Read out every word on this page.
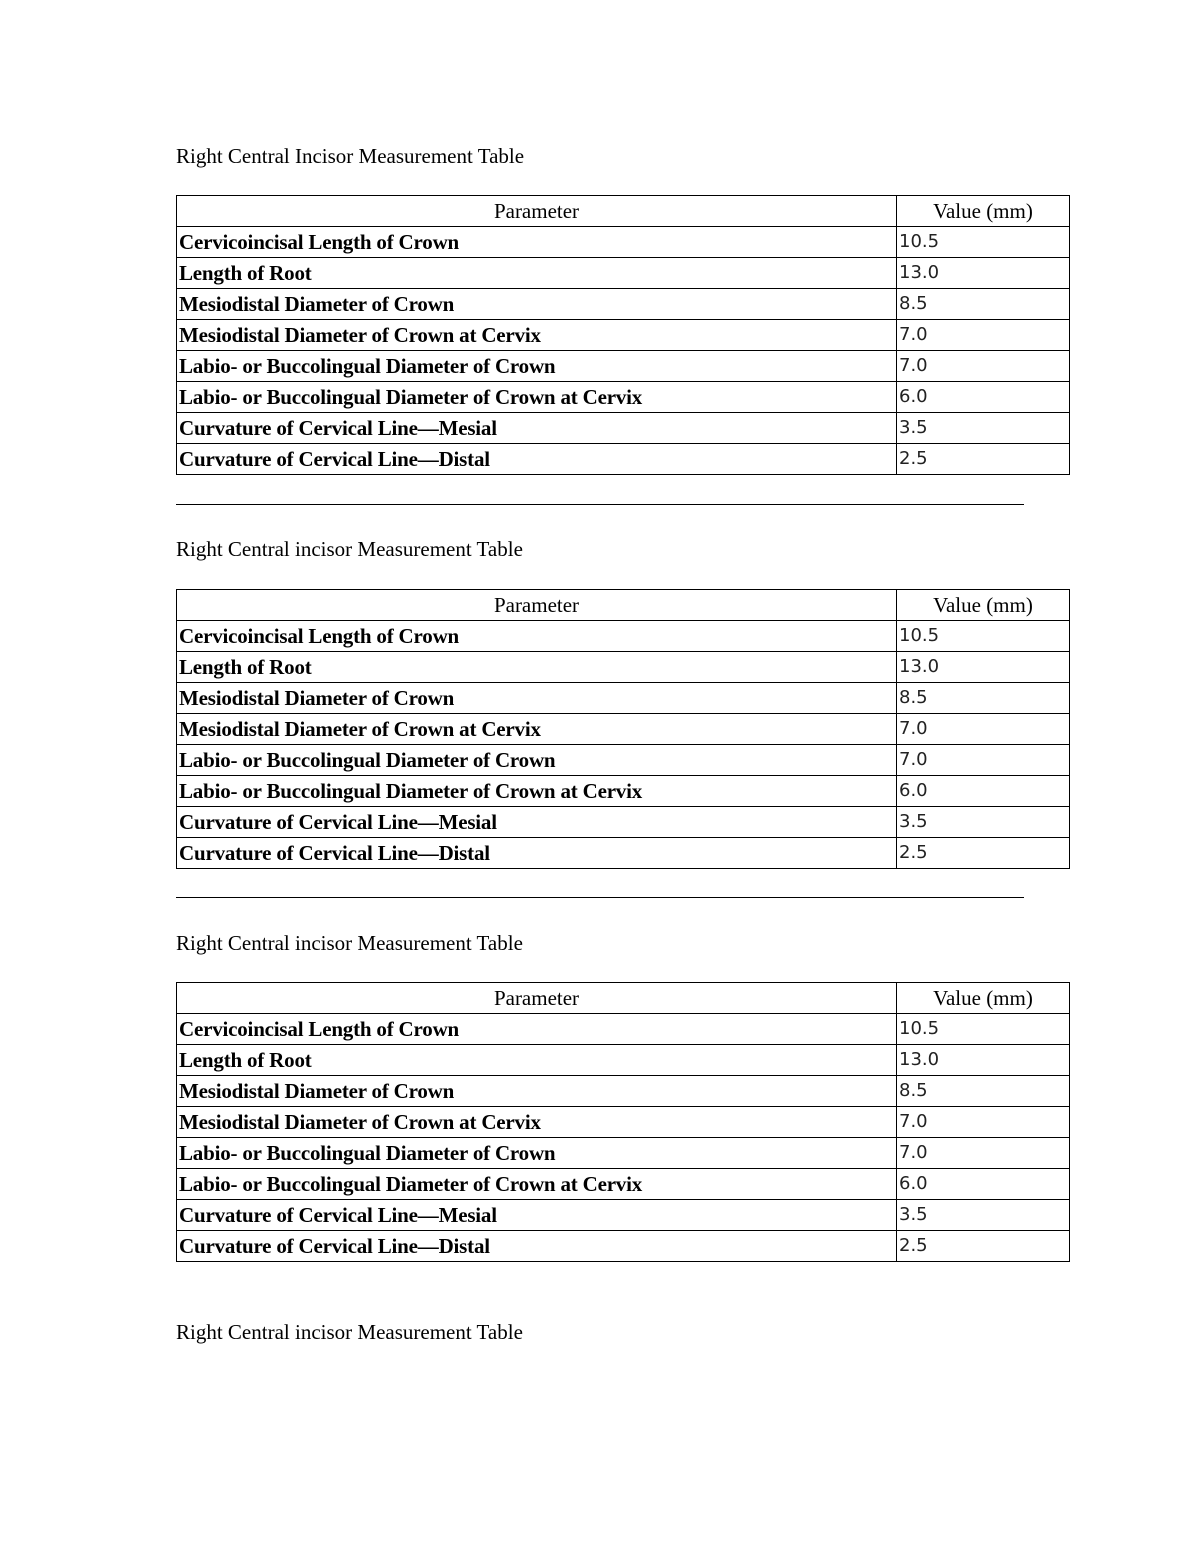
Right Central Incisor Measurement Table
Parameter	Value (mm)
Cervicoincisal Length of Crown	10.5
Length of Root	13.0
Mesiodistal Diameter of Crown	8.5
Mesiodistal Diameter of Crown at Cervix	7.0
Labio- or Buccolingual Diameter of Crown	7.0
Labio- or Buccolingual Diameter of Crown at Cervix	6.0
Curvature of Cervical Line—Mesial	3.5
Curvature of Cervical Line—Distal	2.5
Right Central incisor Measurement Table
Parameter	Value (mm)
Cervicoincisal Length of Crown	10.5
Length of Root	13.0
Mesiodistal Diameter of Crown	8.5
Mesiodistal Diameter of Crown at Cervix	7.0
Labio- or Buccolingual Diameter of Crown	7.0
Labio- or Buccolingual Diameter of Crown at Cervix	6.0
Curvature of Cervical Line—Mesial	3.5
Curvature of Cervical Line—Distal	2.5
Right Central incisor Measurement Table
Parameter	Value (mm)
Cervicoincisal Length of Crown	10.5
Length of Root	13.0
Mesiodistal Diameter of Crown	8.5
Mesiodistal Diameter of Crown at Cervix	7.0
Labio- or Buccolingual Diameter of Crown	7.0
Labio- or Buccolingual Diameter of Crown at Cervix	6.0
Curvature of Cervical Line—Mesial	3.5
Curvature of Cervical Line—Distal	2.5
Right Central incisor Measurement Table
